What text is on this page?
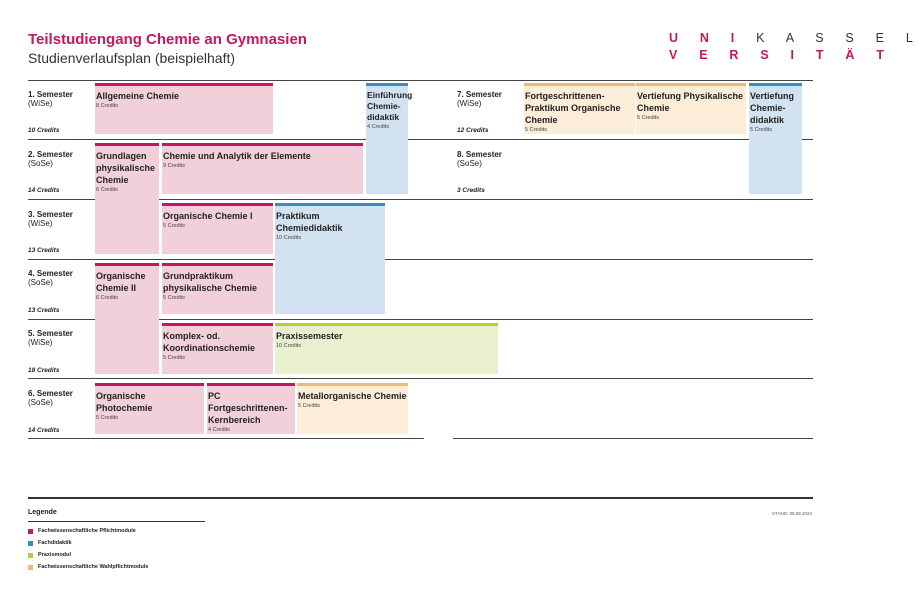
Teilstudiengang Chemie an Gymnasien
Studienverlaufsplan (beispielhaft)
U N I K A S S E L
V E R S I T Ä T
1. Semester
(WiSe)
10 Credits
2. Semester
(SoSe)
14 Credits
3. Semester
(WiSe)
13 Credits
4. Semester
(SoSe)
13 Credits
5. Semester
(WiSe)
18 Credits
6. Semester
(SoSe)
14 Credits
7. Semester
(WiSe)
12 Credits
8. Semester
(SoSe)
3 Credits
Allgemeine Chemie
8 Credits
Einführung Chemie-didaktik
4 Credits
Grundlagen physikalische Chemie
6 Credits
Chemie und Analytik der Elemente
9 Credits
Organische Chemie I
5 Credits
Praktikum Chemiedidaktik
10 Credits
Organische Chemie II
6 Credits
Grundpraktikum physikalische Chemie
5 Credits
Komplex- od. Koordinationschemie
5 Credits
Praxissemester
10 Credits
Organische Photochemie
5 Credits
PC Fortgeschrittenen-Kernbereich
4 Credits
Metallorganische Chemie
5 Credits
Fortgeschrittenen-Praktikum Organische Chemie
5 Credits
Vertiefung Physikalische Chemie
5 Credits
Vertiefung Chemie-didaktik
5 Credits
Legende
Fachwissenschaftliche Pflichtmodule
Fachdidaktik
Praxismodul
Fachwissenschaftliche Wahlpflichtmodule
STAND: 08.08.2024
